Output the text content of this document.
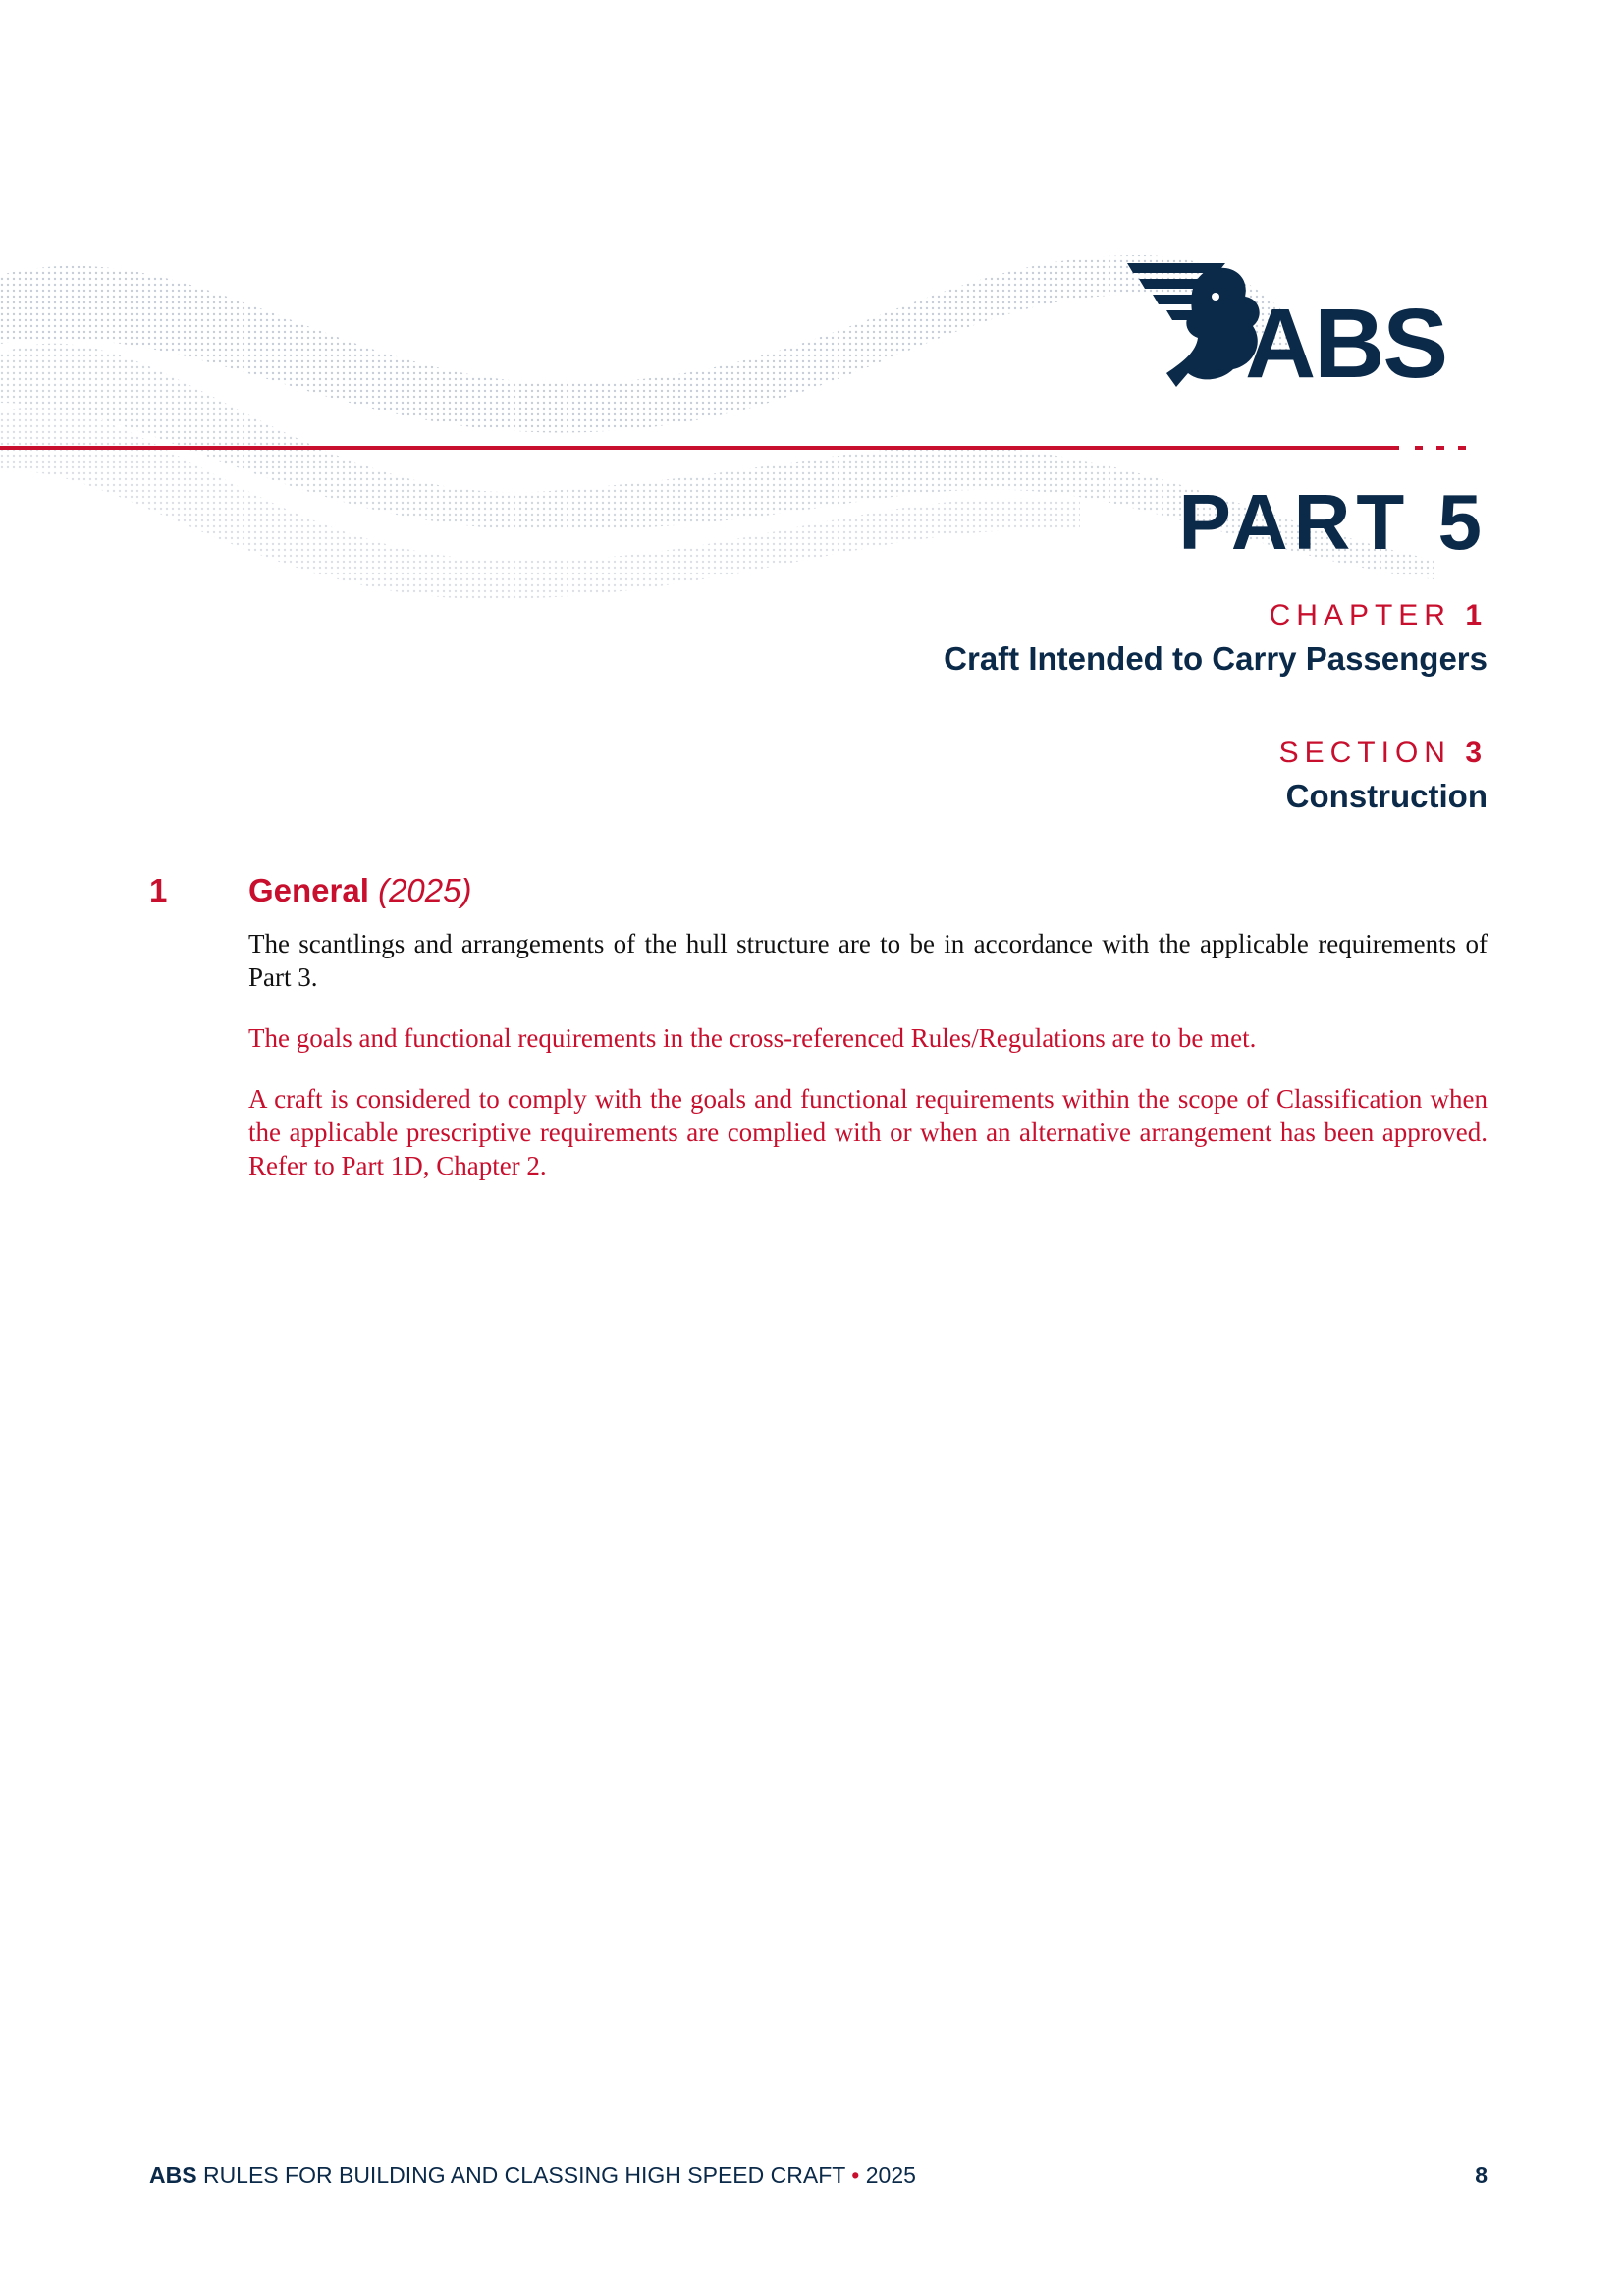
ABS
PART 5
CHAPTER 1
Craft Intended to Carry Passengers
SECTION 3
Construction
1	General (2025)

The scantlings and arrangements of the hull structure are to be in accordance with the applicable requirements of Part 3.

The goals and functional requirements in the cross-referenced Rules/Regulations are to be met.

A craft is considered to comply with the goals and functional requirements within the scope of Classification when the applicable prescriptive requirements are complied with or when an alternative arrangement has been approved. Refer to Part 1D, Chapter 2.

ABS RULES FOR BUILDING AND CLASSING HIGH SPEED CRAFT • 2025	8
